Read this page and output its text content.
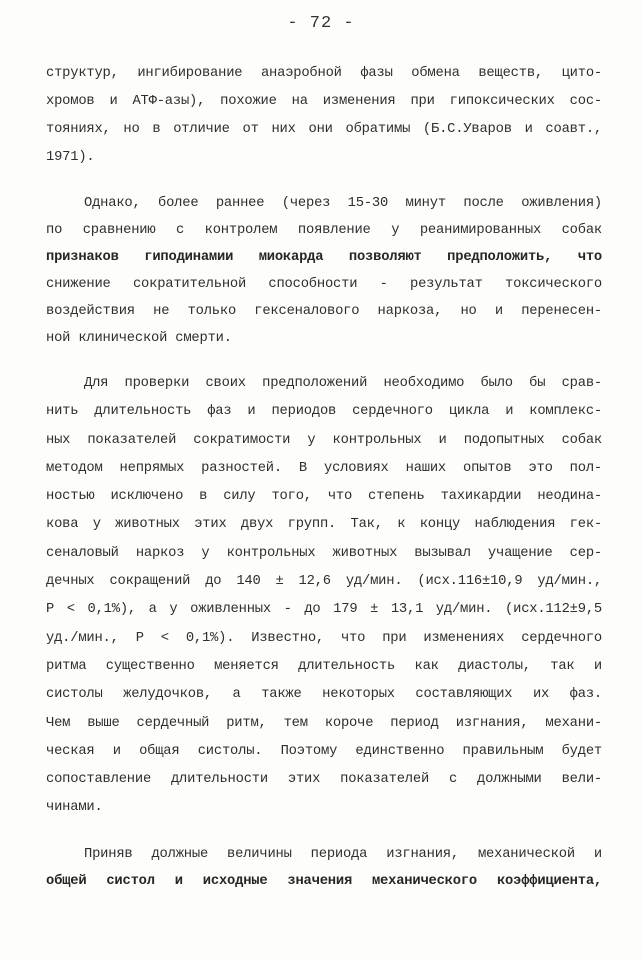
- 72 -
структур, ингибирование анаэробной фазы обмена веществ, цито-
хромов и АТФ-азы), похожие на изменения при гипоксических сос-
тояниях, но в отличие от них они обратимы (Б.С.Уваров и соавт.,
1971).
Однако, более раннее (через 15-30 минут после оживления)
по сравнению с контролем появление у реанимированных собак
признаков гиподинамии миокарда позволяют предположить, что
снижение сократительной способности - результат токсического
воздействия не только гексеналового наркоза, но и перенесен-
ной клинической смерти.
Для проверки своих предположений необходимо было бы срав-
нить длительность фаз и периодов сердечного цикла и комплекс-
ных показателей сократимости у контрольных и подопытных собак
методом непрямых разностей. В условиях наших опытов это пол-
ностью исключено в силу того, что степень тахикардии неодина-
кова у животных этих двух групп. Так, к концу наблюдения гек-
сеналовый наркоз у контрольных животных вызывал учащение сер-
дечных сокращений до 140 ± 12,6 уд/мин. (исх.116±10,9 уд/мин.,
Р < 0,1%), а у оживленных - до 179 ± 13,1 уд/мин. (исх.112±9,5
уд./мин., Р < 0,1%). Известно, что при изменениях сердечного
ритма существенно меняется длительность как диастолы, так и
систолы желудочков, а также некоторых составляющих их фаз.
Чем выше сердечный ритм, тем короче период изгнания, механи-
ческая и общая систолы. Поэтому единственно правильным будет
сопоставление длительности этих показателей с должными вели-
чинами.
Приняв должные величины периода изгнания, механической и
общей систол и исходные значения механического коэффициента,
